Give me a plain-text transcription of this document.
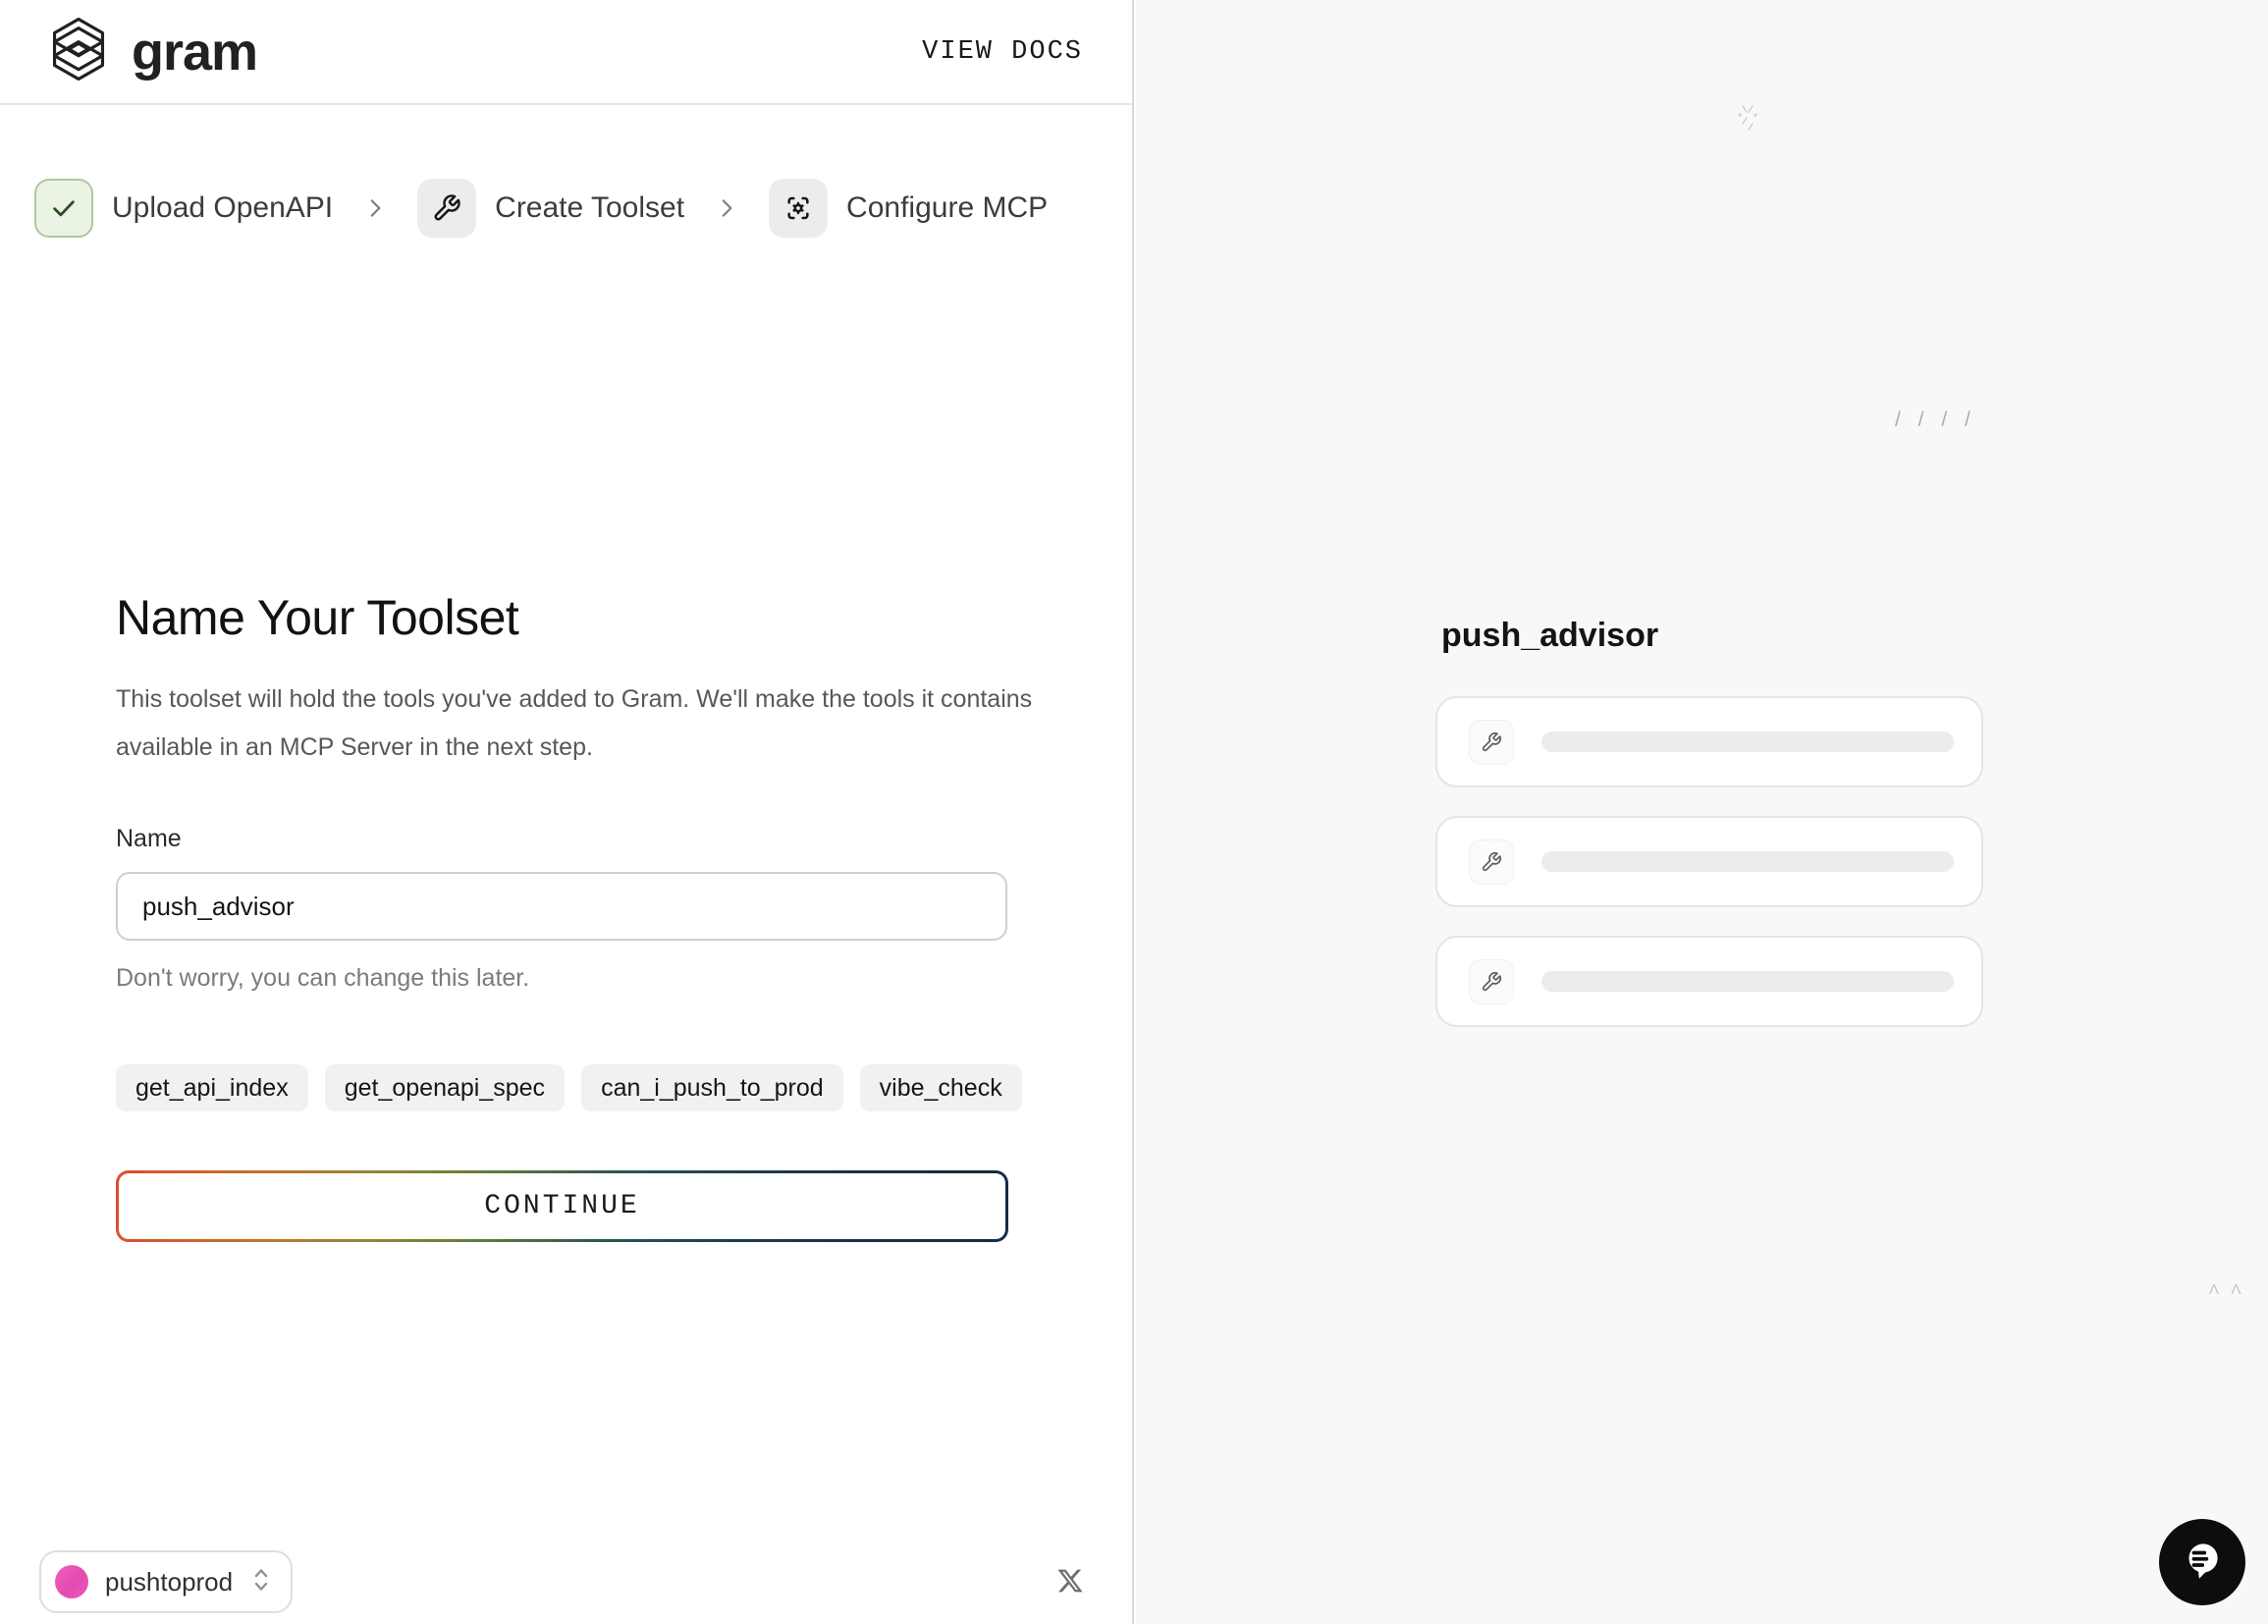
gram	VIEW DOCS
Upload OpenAPI	Create Toolset	Configure MCP
Name Your Toolset

This toolset will hold the tools you've added to Gram. We'll make the tools it contains available in an MCP Server in the next step.

Name
push_advisor
Don't worry, you can change this later.
get_api_index	get_openapi_spec	can_i_push_to_prod	vibe_check
CONTINUE
pushtoprod
/ / / /
Λ Λ
push_advisor
